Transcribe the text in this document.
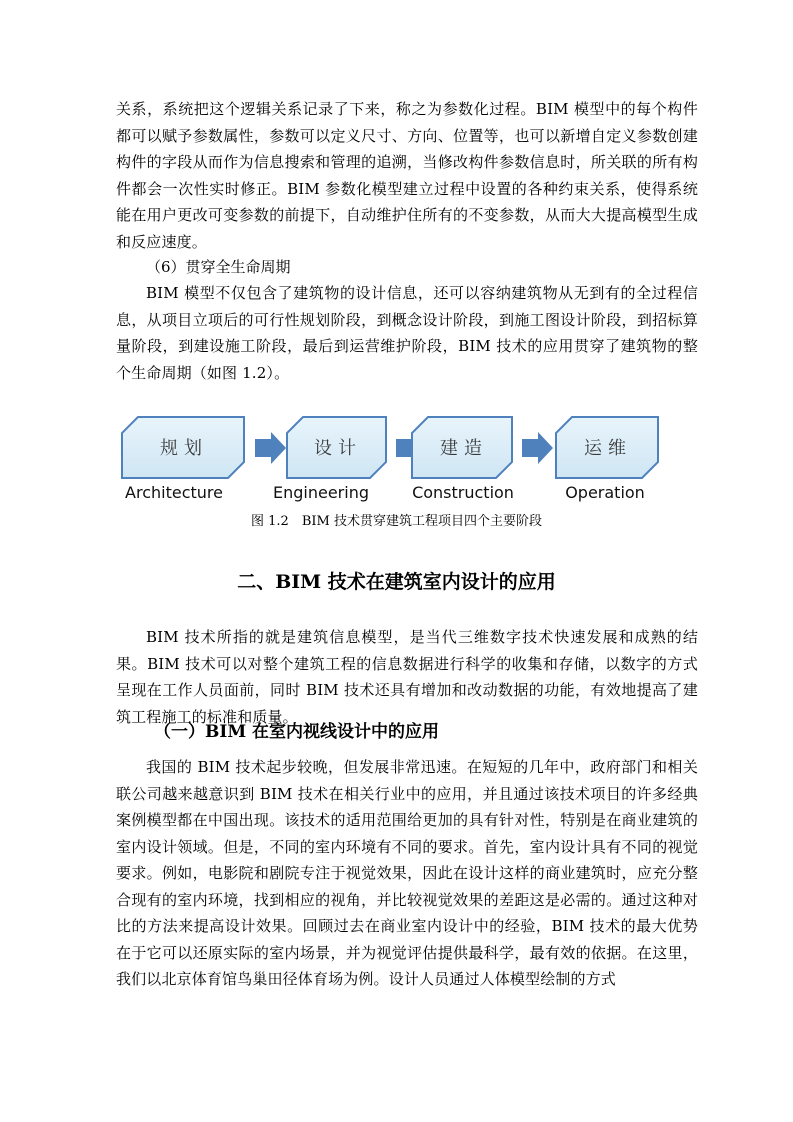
关系，系统把这个逻辑关系记录了下来，称之为参数化过程。BIM 模型中的每个构件都可以赋予参数属性，参数可以定义尺寸、方向、位置等，也可以新增自定义参数创建构件的字段从而作为信息搜索和管理的追溯，当修改构件参数信息时，所关联的所有构件都会一次性实时修正。BIM 参数化模型建立过程中设置的各种约束关系，使得系统能在用户更改可变参数的前提下，自动维护住所有的不变参数，从而大大提高模型生成和反应速度。

（6）贯穿全生命周期

BIM 模型不仅包含了建筑物的设计信息，还可以容纳建筑物从无到有的全过程信息，从项目立项后的可行性规划阶段，到概念设计阶段，到施工图设计阶段，到招标算量阶段，到建设施工阶段，最后到运营维护阶段，BIM 技术的应用贯穿了建筑物的整个生命周期（如图 1.2）。

规划
Architecture
设计
Engineering
建造
Construction
运维
Operation
图 1.2　BIM 技术贯穿建筑工程项目四个主要阶段
二、BIM 技术在建筑室内设计的应用

BIM 技术所指的就是建筑信息模型，是当代三维数字技术快速发展和成熟的结果。BIM 技术可以对整个建筑工程的信息数据进行科学的收集和存储，以数字的方式呈现在工作人员面前，同时 BIM 技术还具有增加和改动数据的功能，有效地提高了建筑工程施工的标准和质量。

（一）BIM 在室内视线设计中的应用

我国的 BIM 技术起步较晚，但发展非常迅速。在短短的几年中，政府部门和相关联公司越来越意识到 BIM 技术在相关行业中的应用，并且通过该技术项目的许多经典案例模型都在中国出现。该技术的适用范围给更加的具有针对性，特别是在商业建筑的室内设计领域。但是，不同的室内环境有不同的要求。首先，室内设计具有不同的视觉要求。例如，电影院和剧院专注于视觉效果，因此在设计这样的商业建筑时，应充分整合现有的室内环境，找到相应的视角，并比较视觉效果的差距这是必需的。通过这种对比的方法来提高设计效果。回顾过去在商业室内设计中的经验，BIM 技术的最大优势在于它可以还原实际的室内场景，并为视觉评估提供最科学，最有效的依据。在这里，我们以北京体育馆鸟巢田径体育场为例。设计人员通过人体模型绘制的方式
